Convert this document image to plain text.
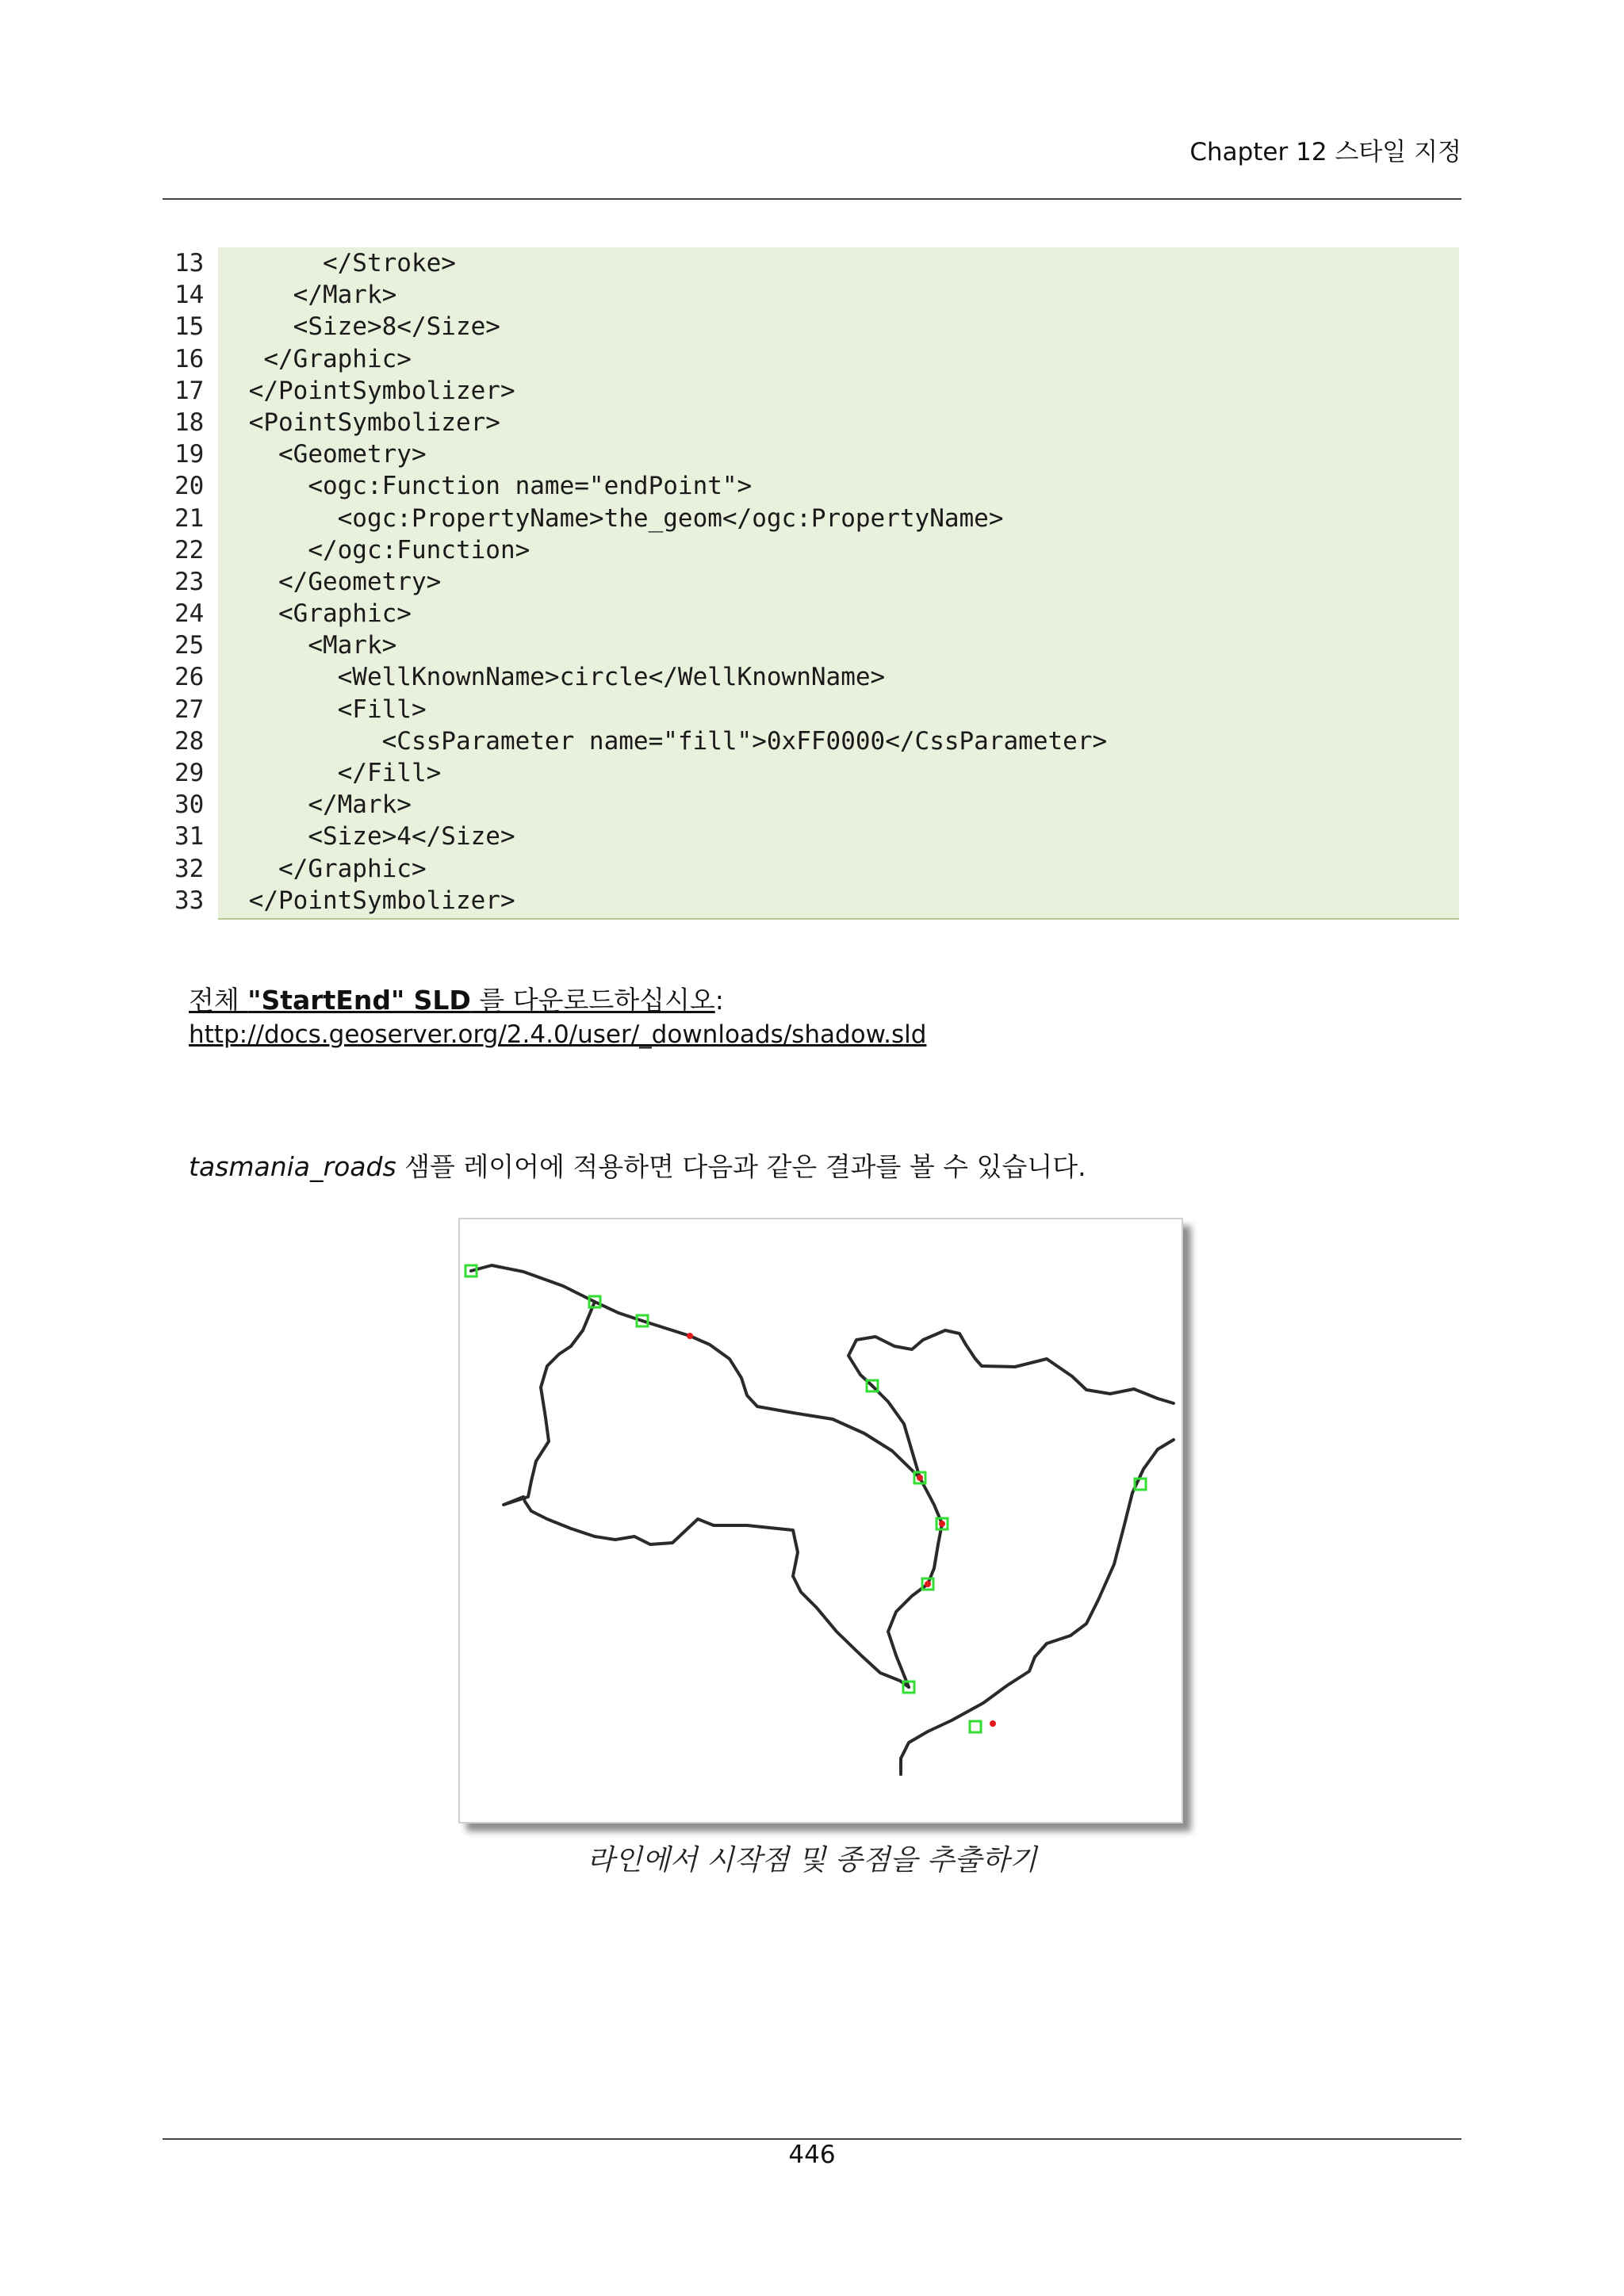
Chapter 12 스타일 지정
13	</Stroke>
14	</Mark>
15	<Size>8</Size>
16	</Graphic>
17	</PointSymbolizer>
18	<PointSymbolizer>
19	<Geometry>
20	<ogc:Function name="endPoint">
21	<ogc:PropertyName>the_geom</ogc:PropertyName>
22	</ogc:Function>
23	</Geometry>
24	<Graphic>
25	<Mark>
26	<WellKnownName>circle</WellKnownName>
27	<Fill>
28	<CssParameter name="fill">0xFF0000</CssParameter>
29	</Fill>
30	</Mark>
31	<Size>4</Size>
32	</Graphic>
33	</PointSymbolizer>
전체 "StartEnd" SLD 를 다운로드하십시오:
http://docs.geoserver.org/2.4.0/user/_downloads/shadow.sld
tasmania_roads 샘플 레이어에 적용하면 다음과 같은 결과를 볼 수 있습니다.
라인에서 시작점 및 종점을 추출하기
446
